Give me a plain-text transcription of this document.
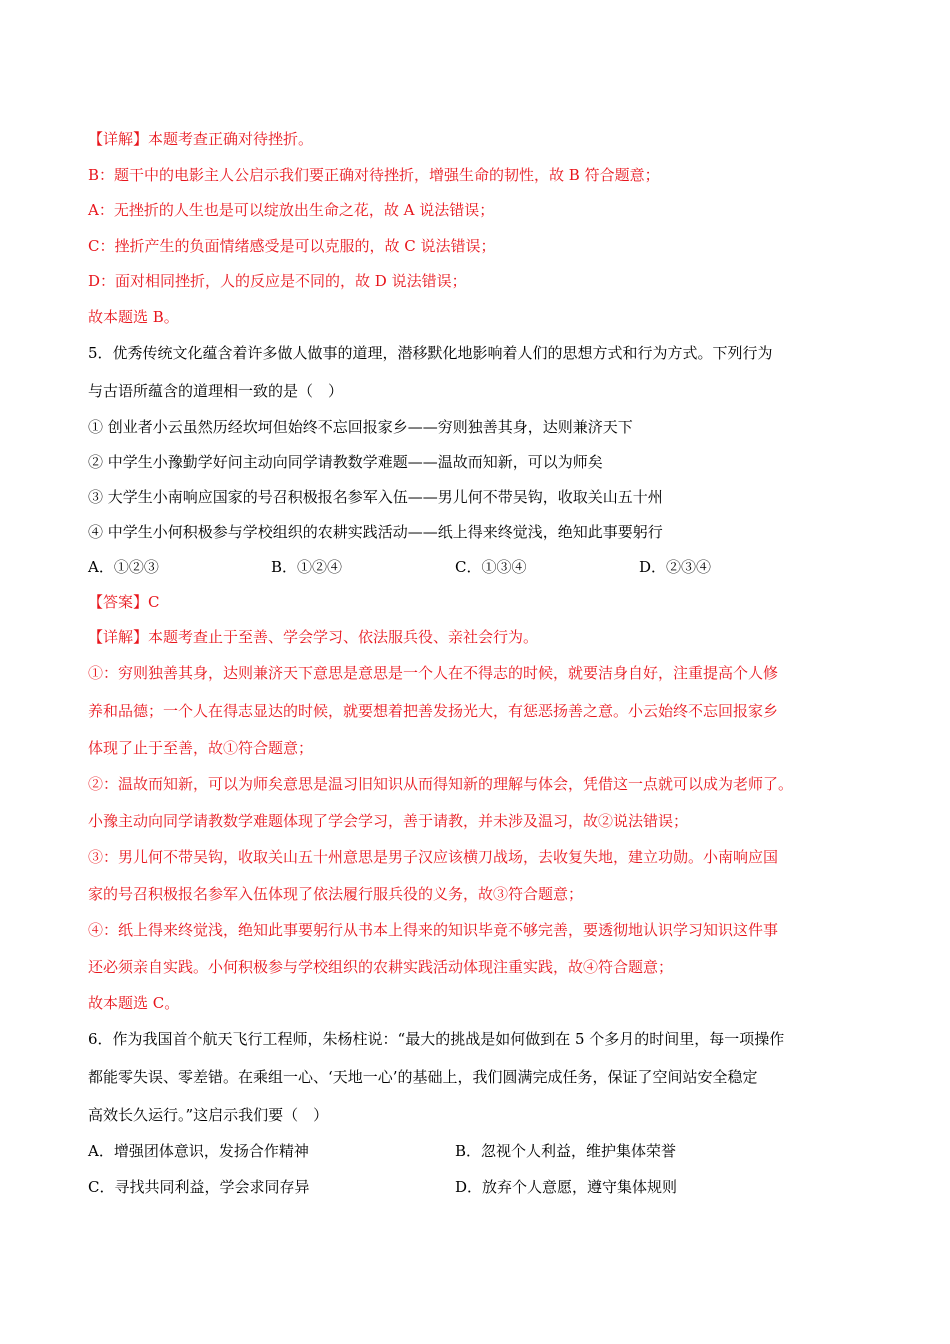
【详解】本题考查正确对待挫折。
B：题干中的电影主人公启示我们要正确对待挫折，增强生命的韧性，故 B 符合题意；
A：无挫折的人生也是可以绽放出生命之花，故 A 说法错误；
C：挫折产生的负面情绪感受是可以克服的，故 C 说法错误；
D：面对相同挫折，人的反应是不同的，故 D 说法错误；
故本题选 B。
5．优秀传统文化蕴含着许多做人做事的道理，潜移默化地影响着人们的思想方式和行为方式。下列行为
与古语所蕴含的道理相一致的是（　）
① 创业者小云虽然历经坎坷但始终不忘回报家乡——穷则独善其身，达则兼济天下
② 中学生小豫勤学好问主动向同学请教数学难题——温故而知新，可以为师矣
③ 大学生小南响应国家的号召积极报名参军入伍——男儿何不带吴钩，收取关山五十州
④ 中学生小何积极参与学校组织的农耕实践活动——纸上得来终觉浅，绝知此事要躬行
A．①②③	B．①②④	C．①③④	D．②③④
【答案】C
【详解】本题考查止于至善、学会学习、依法服兵役、亲社会行为。
①：穷则独善其身，达则兼济天下意思是意思是一个人在不得志的时候，就要洁身自好，注重提高个人修
养和品德；一个人在得志显达的时候，就要想着把善发扬光大，有惩恶扬善之意。小云始终不忘回报家乡
体现了止于至善，故①符合题意；
②：温故而知新，可以为师矣意思是温习旧知识从而得知新的理解与体会，凭借这一点就可以成为老师了。
小豫主动向同学请教数学难题体现了学会学习，善于请教，并未涉及温习，故②说法错误；
③：男儿何不带吴钩，收取关山五十州意思是男子汉应该横刀战场，去收复失地，建立功勋。小南响应国
家的号召积极报名参军入伍体现了依法履行服兵役的义务，故③符合题意；
④：纸上得来终觉浅，绝知此事要躬行从书本上得来的知识毕竟不够完善，要透彻地认识学习知识这件事
还必须亲自实践。小何积极参与学校组织的农耕实践活动体现注重实践，故④符合题意；
故本题选 C。
6．作为我国首个航天飞行工程师，朱杨柱说：“最大的挑战是如何做到在 5 个多月的时间里，每一项操作
都能零失误、零差错。在乘组一心、‘天地一心’的基础上，我们圆满完成任务，保证了空间站安全稳定
高效长久运行。”这启示我们要（　）
A．增强团体意识，发扬合作精神	B．忽视个人利益，维护集体荣誉
C．寻找共同利益，学会求同存异	D．放弃个人意愿，遵守集体规则
